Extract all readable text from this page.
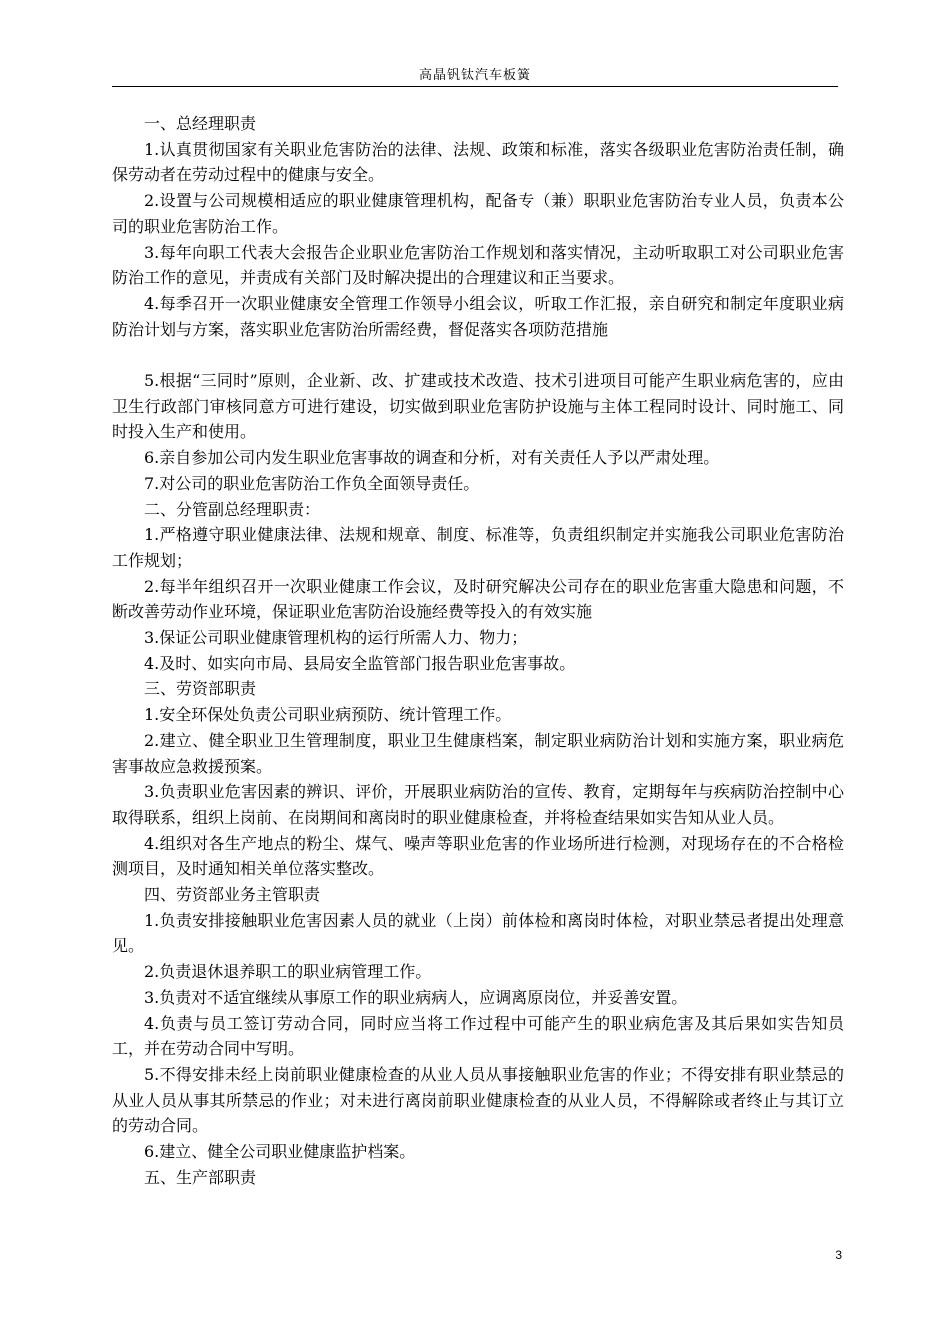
高晶钒钛汽车板簧

一、总经理职责

1.认真贯彻国家有关职业危害防治的法律、法规、政策和标准，落实各级职业危害防治责任制，确保劳动者在劳动过程中的健康与安全。

2.设置与公司规模相适应的职业健康管理机构，配备专（兼）职职业危害防治专业人员，负责本公司的职业危害防治工作。

3.每年向职工代表大会报告企业职业危害防治工作规划和落实情况，主动听取职工对公司职业危害防治工作的意见，并责成有关部门及时解决提出的合理建议和正当要求。

4.每季召开一次职业健康安全管理工作领导小组会议，听取工作汇报，亲自研究和制定年度职业病防治计划与方案，落实职业危害防治所需经费，督促落实各项防范措施

5.根据“三同时”原则，企业新、改、扩建或技术改造、技术引进项目可能产生职业病危害的，应由卫生行政部门审核同意方可进行建设，切实做到职业危害防护设施与主体工程同时设计、同时施工、同时投入生产和使用。

6.亲自参加公司内发生职业危害事故的调查和分析，对有关责任人予以严肃处理。

7.对公司的职业危害防治工作负全面领导责任。

二、分管副总经理职责：

1.严格遵守职业健康法律、法规和规章、制度、标准等，负责组织制定并实施我公司职业危害防治工作规划；

2.每半年组织召开一次职业健康工作会议，及时研究解决公司存在的职业危害重大隐患和问题，不断改善劳动作业环境，保证职业危害防治设施经费等投入的有效实施

3.保证公司职业健康管理机构的运行所需人力、物力；

4.及时、如实向市局、县局安全监管部门报告职业危害事故。

三、劳资部职责

1.安全环保处负责公司职业病预防、统计管理工作。

2.建立、健全职业卫生管理制度，职业卫生健康档案，制定职业病防治计划和实施方案，职业病危害事故应急救援预案。

3.负责职业危害因素的辨识、评价，开展职业病防治的宣传、教育，定期每年与疾病防治控制中心取得联系，组织上岗前、在岗期间和离岗时的职业健康检查，并将检查结果如实告知从业人员。

4.组织对各生产地点的粉尘、煤气、噪声等职业危害的作业场所进行检测，对现场存在的不合格检测项目，及时通知相关单位落实整改。

四、劳资部业务主管职责

1.负责安排接触职业危害因素人员的就业（上岗）前体检和离岗时体检，对职业禁忌者提出处理意见。

2.负责退休退养职工的职业病管理工作。

3.负责对不适宜继续从事原工作的职业病病人，应调离原岗位，并妥善安置。

4.负责与员工签订劳动合同，同时应当将工作过程中可能产生的职业病危害及其后果如实告知员工，并在劳动合同中写明。

5.不得安排未经上岗前职业健康检查的从业人员从事接触职业危害的作业；不得安排有职业禁忌的从业人员从事其所禁忌的作业；对未进行离岗前职业健康检查的从业人员，不得解除或者终止与其订立的劳动合同。

6.建立、健全公司职业健康监护档案。

五、生产部职责

3
